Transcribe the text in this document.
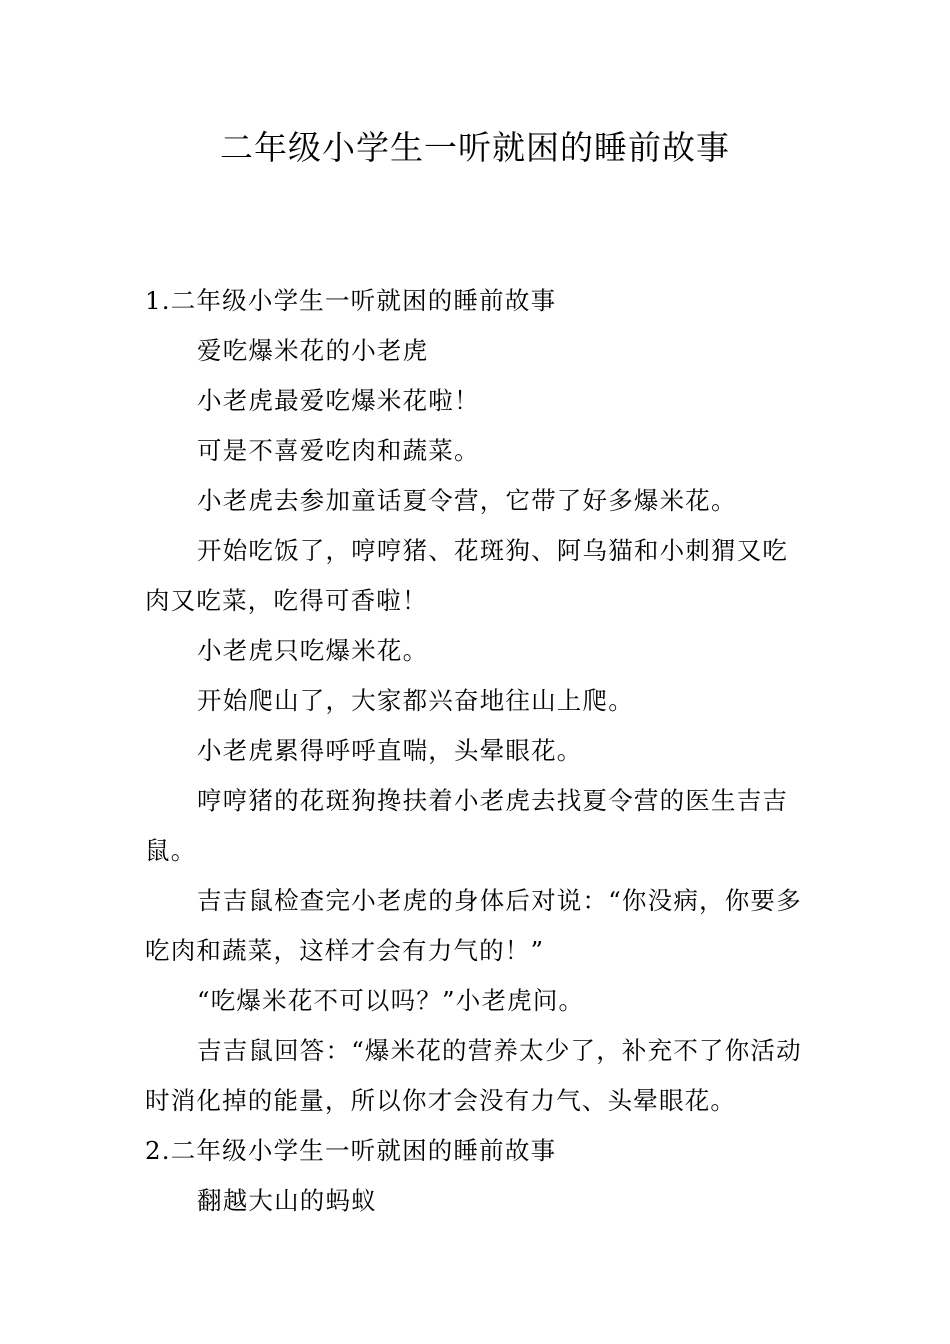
二年级小学生一听就困的睡前故事

1.二年级小学生一听就困的睡前故事

爱吃爆米花的小老虎

小老虎最爱吃爆米花啦！

可是不喜爱吃肉和蔬菜。

小老虎去参加童话夏令营，它带了好多爆米花。

开始吃饭了，哼哼猪、花斑狗、阿乌猫和小刺猬又吃肉又吃菜，吃得可香啦！

小老虎只吃爆米花。

开始爬山了，大家都兴奋地往山上爬。

小老虎累得呼呼直喘，头晕眼花。

哼哼猪的花斑狗搀扶着小老虎去找夏令营的医生吉吉鼠。

吉吉鼠检查完小老虎的身体后对说：“你没病，你要多吃肉和蔬菜，这样才会有力气的！”

“吃爆米花不可以吗？”小老虎问。

吉吉鼠回答：“爆米花的营养太少了，补充不了你活动时消化掉的能量，所以你才会没有力气、头晕眼花。

2.二年级小学生一听就困的睡前故事

翻越大山的蚂蚁
